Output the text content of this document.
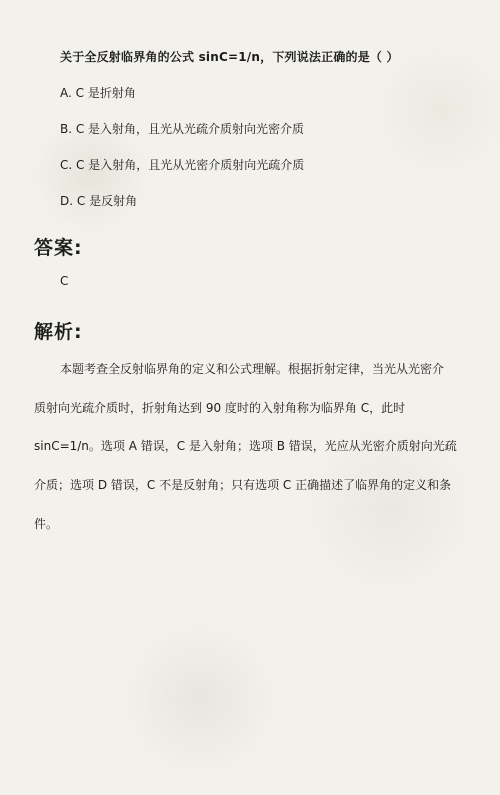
关于全反射临界角的公式 sinC=1/n，下列说法正确的是（ ）
A. C 是折射角
B. C 是入射角，且光从光疏介质射向光密介质
C. C 是入射角，且光从光密介质射向光疏介质
D. C 是反射角
答案:
C
解析:
本题考查全反射临界角的定义和公式理解。根据折射定律，当光从光密介
质射向光疏介质时，折射角达到 90 度时的入射角称为临界角 C，此时
sinC=1/n。选项 A 错误，C 是入射角；选项 B 错误，光应从光密介质射向光疏
介质；选项 D 错误，C 不是反射角；只有选项 C 正确描述了临界角的定义和条
件。
